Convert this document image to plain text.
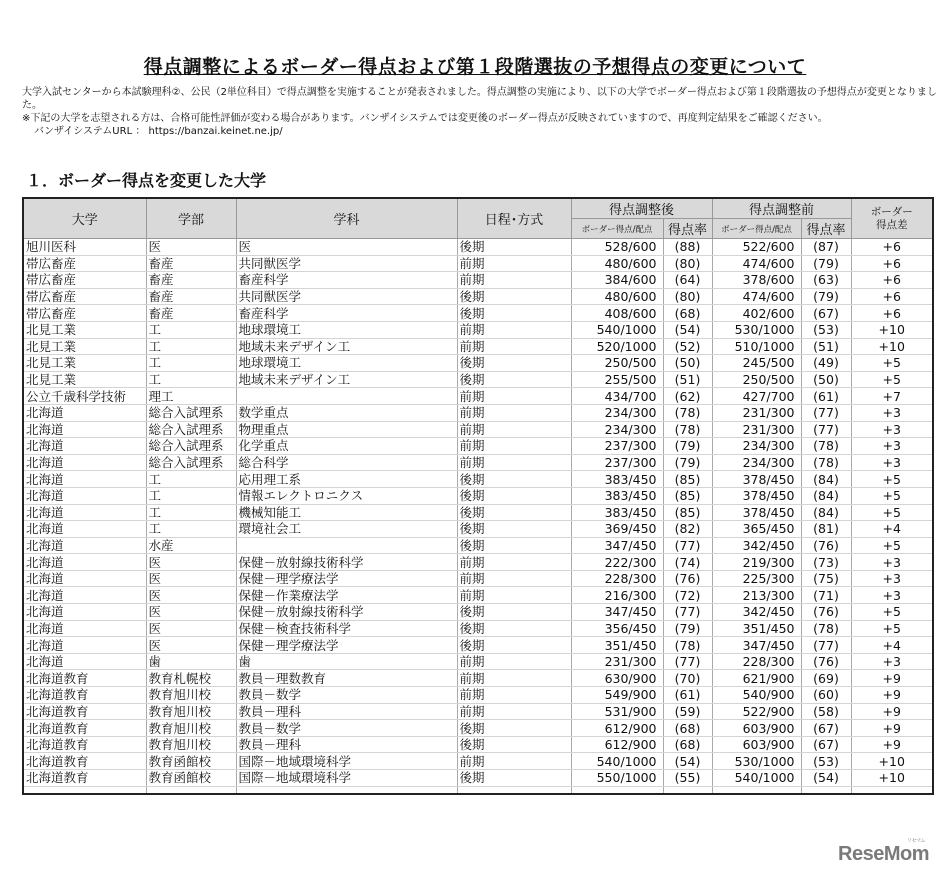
得点調整によるボーダー得点および第１段階選抜の予想得点の変更について

大学入試センターから本試験理科②、公民（2単位科目）で得点調整を実施することが発表されました。得点調整の実施により、以下の大学でボーダー得点および第１段階選抜の予想得点が変更となりました。

※下記の大学を志望される方は、合格可能性評価が変わる場合があります。バンザイシステムでは変更後のボーダー得点が反映されていますので、再度判定結果をご確認ください。

バンザイシステムURL ： https://banzai.keinet.ne.jp/

１．ボーダー得点を変更した大学
大学	学部	学科	日程･方式	得点調整後		得点調整前		ボーダー
得点差
				ボーダー得点/配点	得点率	ボーダー得点/配点	得点率	
旭川医科	医	医	後期	528/600	(88)	522/600	(87)	+6
帯広畜産	畜産	共同獣医学	前期	480/600	(80)	474/600	(79)	+6
帯広畜産	畜産	畜産科学	前期	384/600	(64)	378/600	(63)	+6
帯広畜産	畜産	共同獣医学	後期	480/600	(80)	474/600	(79)	+6
帯広畜産	畜産	畜産科学	後期	408/600	(68)	402/600	(67)	+6
北見工業	工	地球環境工	前期	540/1000	(54)	530/1000	(53)	+10
北見工業	工	地域未来デザイン工	前期	520/1000	(52)	510/1000	(51)	+10
北見工業	工	地球環境工	後期	250/500	(50)	245/500	(49)	+5
北見工業	工	地域未来デザイン工	後期	255/500	(51)	250/500	(50)	+5
公立千歳科学技術	理工		前期	434/700	(62)	427/700	(61)	+7
北海道	総合入試理系	数学重点	前期	234/300	(78)	231/300	(77)	+3
北海道	総合入試理系	物理重点	前期	234/300	(78)	231/300	(77)	+3
北海道	総合入試理系	化学重点	前期	237/300	(79)	234/300	(78)	+3
北海道	総合入試理系	総合科学	前期	237/300	(79)	234/300	(78)	+3
北海道	工	応用理工系	後期	383/450	(85)	378/450	(84)	+5
北海道	工	情報エレクトロニクス	後期	383/450	(85)	378/450	(84)	+5
北海道	工	機械知能工	後期	383/450	(85)	378/450	(84)	+5
北海道	工	環境社会工	後期	369/450	(82)	365/450	(81)	+4
北海道	水産		後期	347/450	(77)	342/450	(76)	+5
北海道	医	保健－放射線技術科学	前期	222/300	(74)	219/300	(73)	+3
北海道	医	保健－理学療法学	前期	228/300	(76)	225/300	(75)	+3
北海道	医	保健－作業療法学	前期	216/300	(72)	213/300	(71)	+3
北海道	医	保健－放射線技術科学	後期	347/450	(77)	342/450	(76)	+5
北海道	医	保健－検査技術科学	後期	356/450	(79)	351/450	(78)	+5
北海道	医	保健－理学療法学	後期	351/450	(78)	347/450	(77)	+4
北海道	歯	歯	前期	231/300	(77)	228/300	(76)	+3
北海道教育	教育札幌校	教員－理数教育	前期	630/900	(70)	621/900	(69)	+9
北海道教育	教育旭川校	教員－数学	前期	549/900	(61)	540/900	(60)	+9
北海道教育	教育旭川校	教員－理科	前期	531/900	(59)	522/900	(58)	+9
北海道教育	教育旭川校	教員－数学	後期	612/900	(68)	603/900	(67)	+9
北海道教育	教育旭川校	教員－理科	後期	612/900	(68)	603/900	(67)	+9
北海道教育	教育函館校	国際－地域環境科学	前期	540/1000	(54)	530/1000	(53)	+10
北海道教育	教育函館校	国際－地域環境科学	後期	550/1000	(55)	540/1000	(54)	+10

リセマム
ReseMom
